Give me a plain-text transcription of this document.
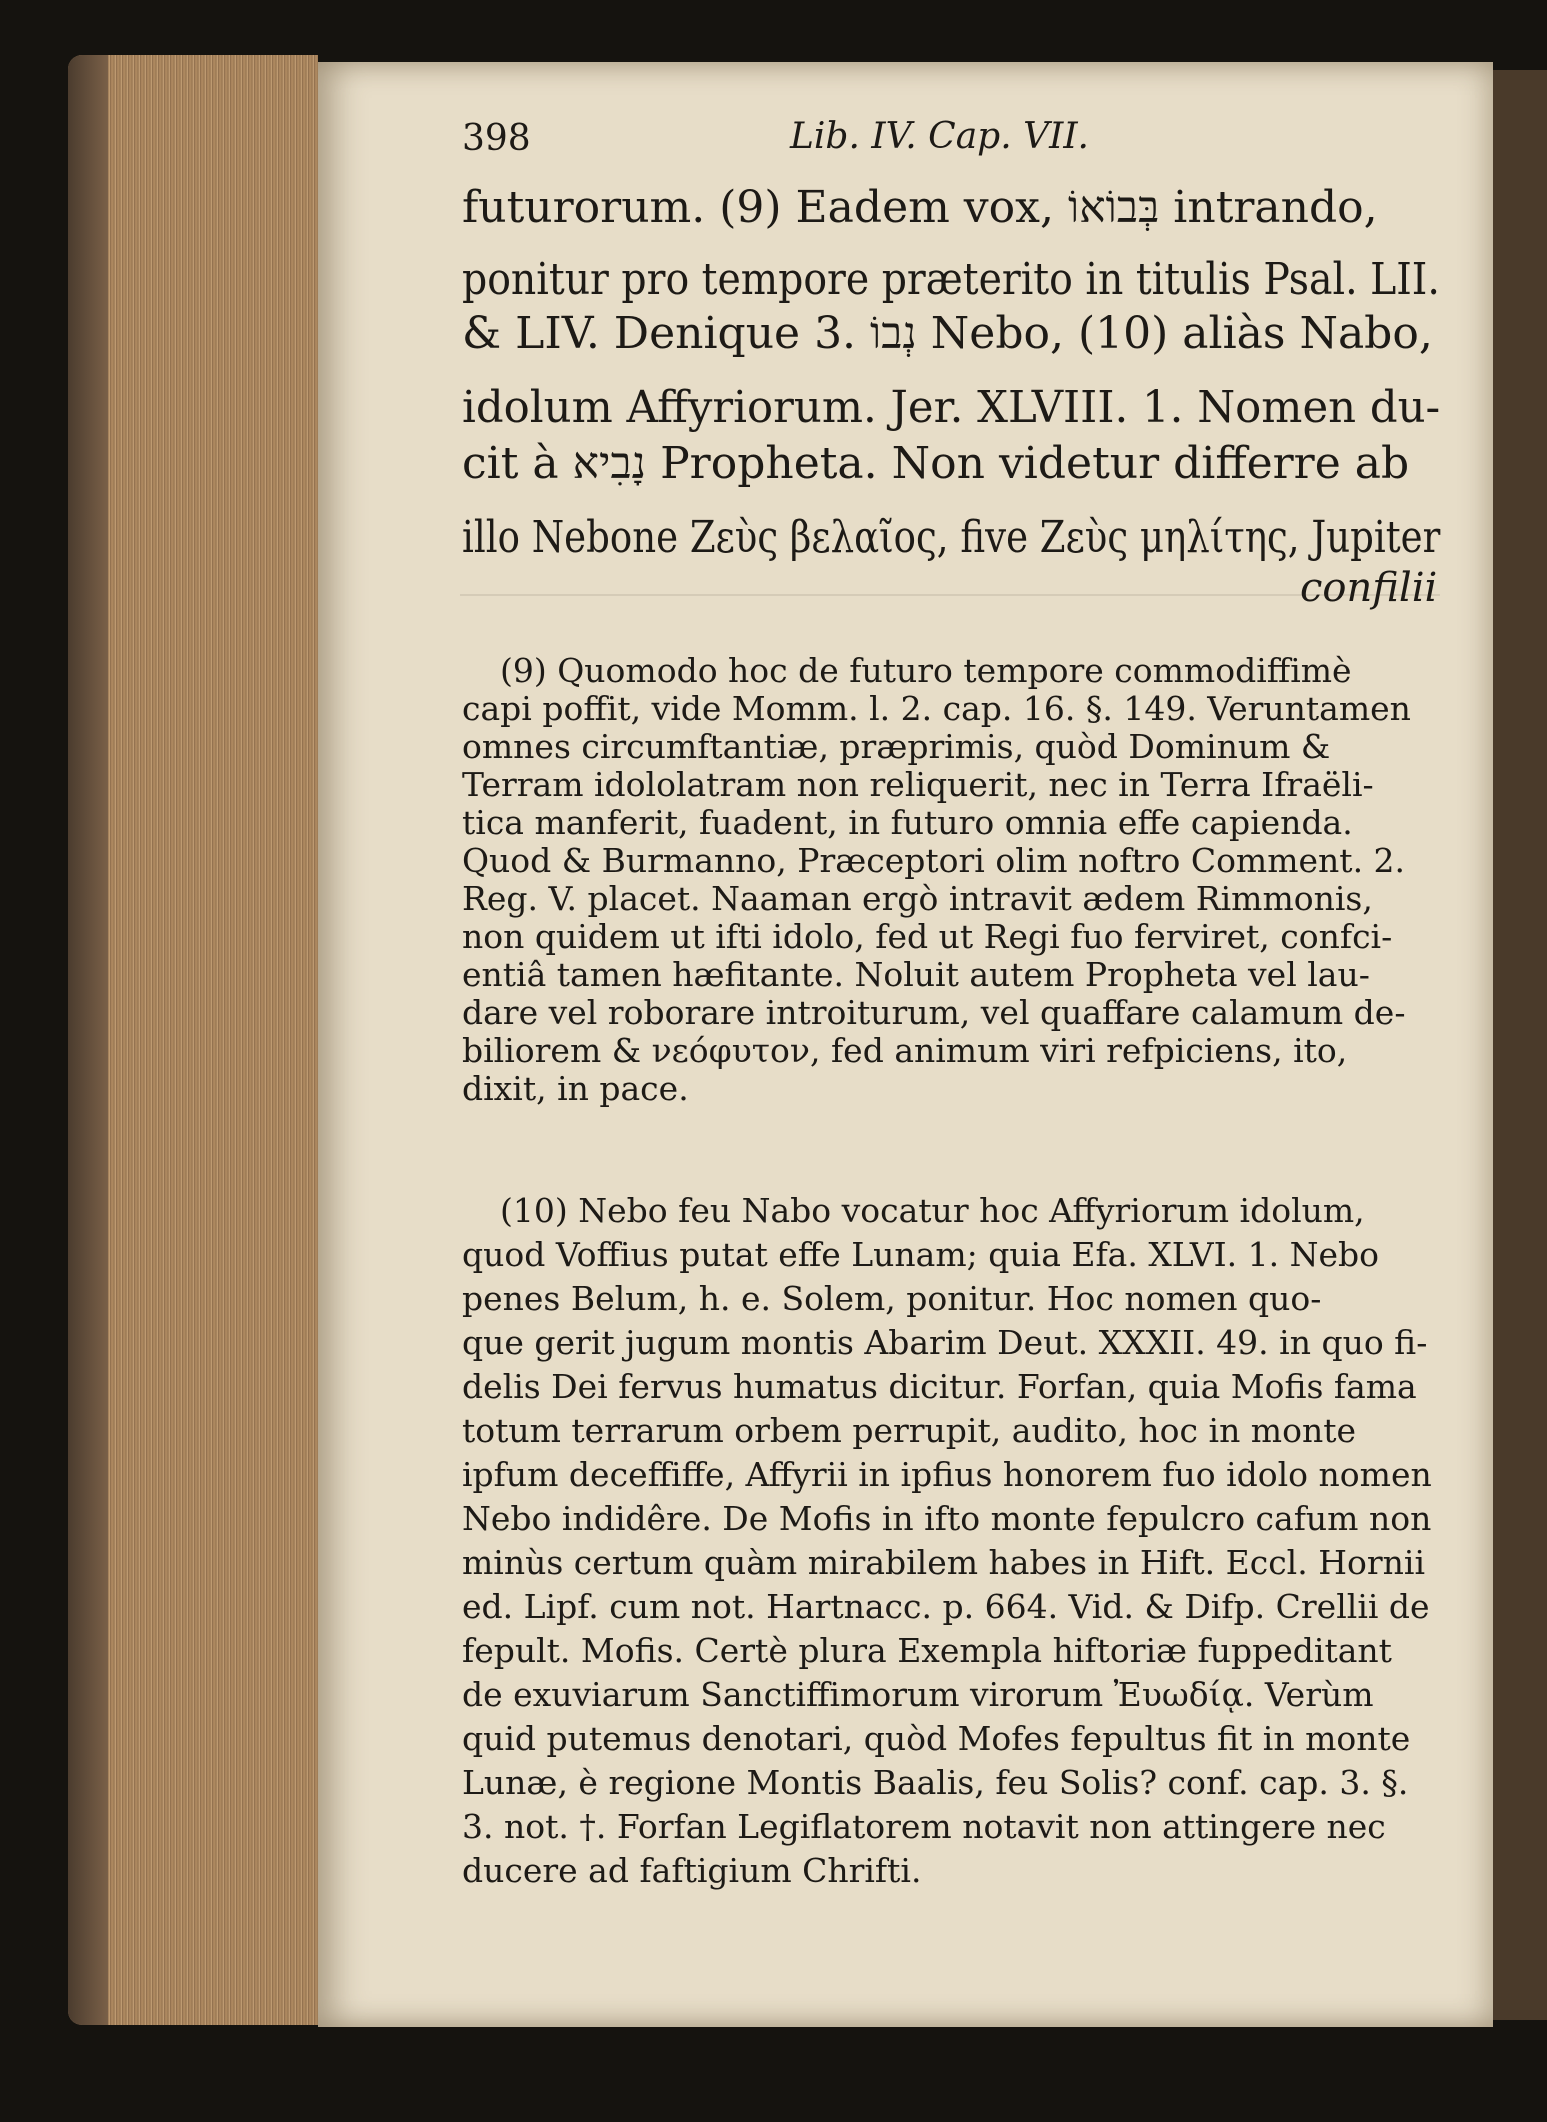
398	Lib. IV. Cap. VII.
futurorum. (9) Eadem vox, בְּבוֹאוֹ intrando,
ponitur pro tempore præterito in titulis Psal. LII.
& LIV. Denique 3. נְבוֹ Nebo, (10) aliàs Nabo,
idolum Affyriorum. Jer. XLVIII. 1. Nomen du-
cit à נָבִיא Propheta. Non videtur differre ab
illo Nebone Ζεὺς βελαῖος, five Ζεὺς μηλίτης, Jupiter
confilii
(9) Quomodo hoc de futuro tempore commodiffimè
capi poffit, vide Momm. l. 2. cap. 16. §. 149. Veruntamen
omnes circumftantiæ, præprimis, quòd Dominum &
Terram idololatram non reliquerit, nec in Terra Ifraëli-
tica manferit, fuadent, in futuro omnia effe capienda.
Quod & Burmanno, Præceptori olim noftro Comment. 2.
Reg. V. placet. Naaman ergò intravit ædem Rimmonis,
non quidem ut ifti idolo, fed ut Regi fuo ferviret, confci-
entiâ tamen hæfitante. Noluit autem Propheta vel lau-
dare vel roborare introiturum, vel quaffare calamum de-
biliorem & νεόφυτον, fed animum viri refpiciens, ito,
dixit, in pace.
(10) Nebo feu Nabo vocatur hoc Affyriorum idolum,
quod Voffius putat effe Lunam; quia Efa. XLVI. 1. Nebo
penes Belum, h. e. Solem, ponitur. Hoc nomen quo-
que gerit jugum montis Abarim Deut. XXXII. 49. in quo fi-
delis Dei fervus humatus dicitur. Forfan, quia Mofis fama
totum terrarum orbem perrupit, audito, hoc in monte
ipfum deceffiffe, Affyrii in ipfius honorem fuo idolo nomen
Nebo indidêre. De Mofis in ifto monte fepulcro cafum non
minùs certum quàm mirabilem habes in Hift. Eccl. Hornii
ed. Lipf. cum not. Hartnacc. p. 664. Vid. & Difp. Crellii de
fepult. Mofis. Certè plura Exempla hiftoriæ fuppeditant
de exuviarum Sanctiffimorum virorum Ἐυωδίᾳ. Verùm
quid putemus denotari, quòd Mofes fepultus fit in monte
Lunæ, è regione Montis Baalis, feu Solis? conf. cap. 3. §.
3. not. †. Forfan Legiflatorem notavit non attingere nec
ducere ad faftigium Chrifti.
